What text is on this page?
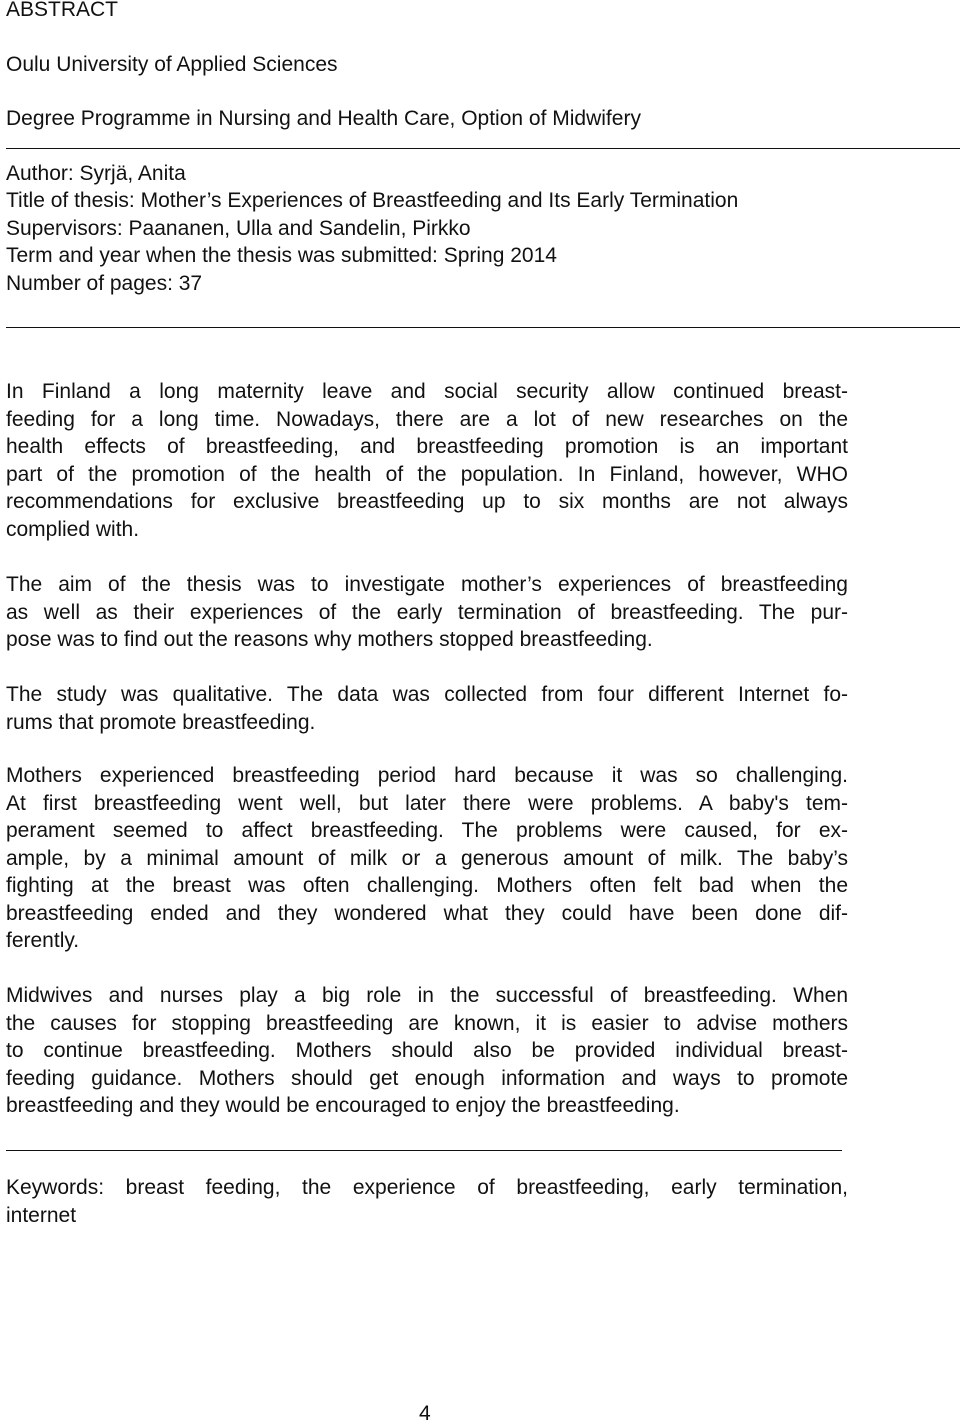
ABSTRACT
Oulu University of Applied Sciences
Degree Programme in Nursing and Health Care, Option of Midwifery
Author: Syrjä, Anita
Title of thesis: Mother’s Experiences of Breastfeeding and Its Early Termination
Supervisors: Paananen, Ulla and Sandelin, Pirkko
Term and year when the thesis was submitted: Spring 2014
Number of pages: 37
In Finland a long maternity leave and social security allow continued breast-
feeding for a long time. Nowadays, there are a lot of new researches on the
health effects of breastfeeding, and breastfeeding promotion is an important
part of the promotion of the health of the population. In Finland, however, WHO
recommendations for exclusive breastfeeding up to six months are not always
complied with.
The aim of the thesis was to investigate mother’s experiences of breastfeeding
as well as their experiences of the early termination of breastfeeding. The pur-
pose was to find out the reasons why mothers stopped breastfeeding.
The study was qualitative. The data was collected from four different Internet fo-
rums that promote breastfeeding.
Mothers experienced breastfeeding period hard because it was so challenging.
At first breastfeeding went well, but later there were problems. A baby's tem-
perament seemed to affect breastfeeding. The problems were caused, for ex-
ample, by a minimal amount of milk or a generous amount of milk. The baby’s
fighting at the breast was often challenging. Mothers often felt bad when the
breastfeeding ended and they wondered what they could have been done dif-
ferently.
Midwives and nurses play a big role in the successful of breastfeeding. When
the causes for stopping breastfeeding are known, it is easier to advise mothers
to continue breastfeeding. Mothers should also be provided individual breast-
feeding guidance. Mothers should get enough information and ways to promote
breastfeeding and they would be encouraged to enjoy the breastfeeding.
Keywords: breast feeding, the experience of breastfeeding, early termination,
internet
4
